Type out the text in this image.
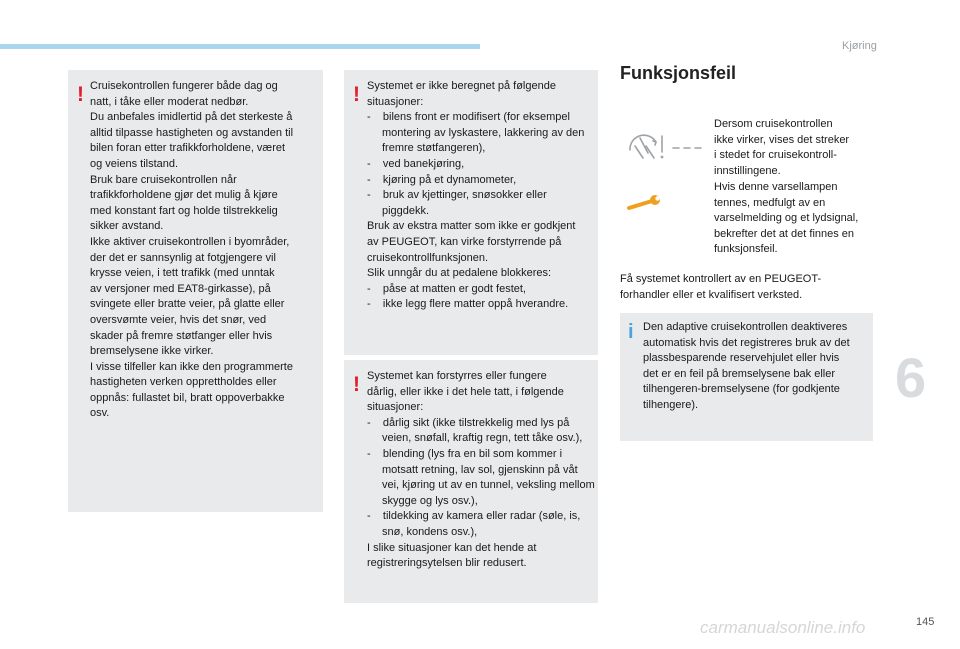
Kjøring
6
145
carmanualsonline.info
! Cruisekontrollen fungerer både dag og
natt, i tåke eller moderat nedbør.
Du anbefales imidlertid på det sterkeste å
alltid tilpasse hastigheten og avstanden til
bilen foran etter trafikkforholdene, været
og veiens tilstand.
Bruk bare cruisekontrollen når
trafikkforholdene gjør det mulig å kjøre
med konstant fart og holde tilstrekkelig
sikker avstand.
Ikke aktiver cruisekontrollen i byområder,
der det er sannsynlig at fotgjengere vil
krysse veien, i tett trafikk (med unntak
av versjoner med EAT8-girkasse), på
svingete eller bratte veier, på glatte eller
oversvømte veier, hvis det snør, ved
skader på fremre støtfanger eller hvis
bremselysene ikke virker.
I visse tilfeller kan ikke den programmerte
hastigheten verken opprettholdes eller
oppnås: fullastet bil, bratt oppoverbakke
osv.
! Systemet er ikke beregnet på følgende
situasjoner:
-    bilens front er modifisert (for eksempel montering av lyskastere, lakkering av den fremre støtfangeren),
-    ved banekjøring,
-    kjøring på et dynamometer,
-    bruk av kjettinger, snøsokker eller piggdekk.
Bruk av ekstra matter som ikke er godkjent
av PEUGEOT, kan virke forstyrrende på
cruisekontrollfunksjonen.
Slik unngår du at pedalene blokkeres:
-    påse at matten er godt festet,
-    ikke legg flere matter oppå hverandre.
! Systemet kan forstyrres eller fungere
dårlig, eller ikke i det hele tatt, i følgende
situasjoner:
-    dårlig sikt (ikke tilstrekkelig med lys på veien, snøfall, kraftig regn, tett tåke osv.),
-    blending (lys fra en bil som kommer i motsatt retning, lav sol, gjenskinn på våt vei, kjøring ut av en tunnel, veksling mellom skygge og lys osv.),
-    tildekking av kamera eller radar (søle, is, snø, kondens osv.),
I slike situasjoner kan det hende at
registreringsytelsen blir redusert.
Funksjonsfeil
Dersom cruisekontrollen
ikke virker, vises det streker
i stedet for cruisekontroll-
innstillingene.
Hvis denne varsellampen
tennes, medfulgt av en
varselmelding og et lydsignal,
bekrefter det at det finnes en
funksjonsfeil.
Få systemet kontrollert av en PEUGEOT-
forhandler eller et kvalifisert verksted.
i Den adaptive cruisekontrollen deaktiveres
automatisk hvis det registreres bruk av det
plassbesparende reservehjulet eller hvis
det er en feil på bremselysene bak eller
tilhengeren-bremselysene (for godkjente
tilhengere).
